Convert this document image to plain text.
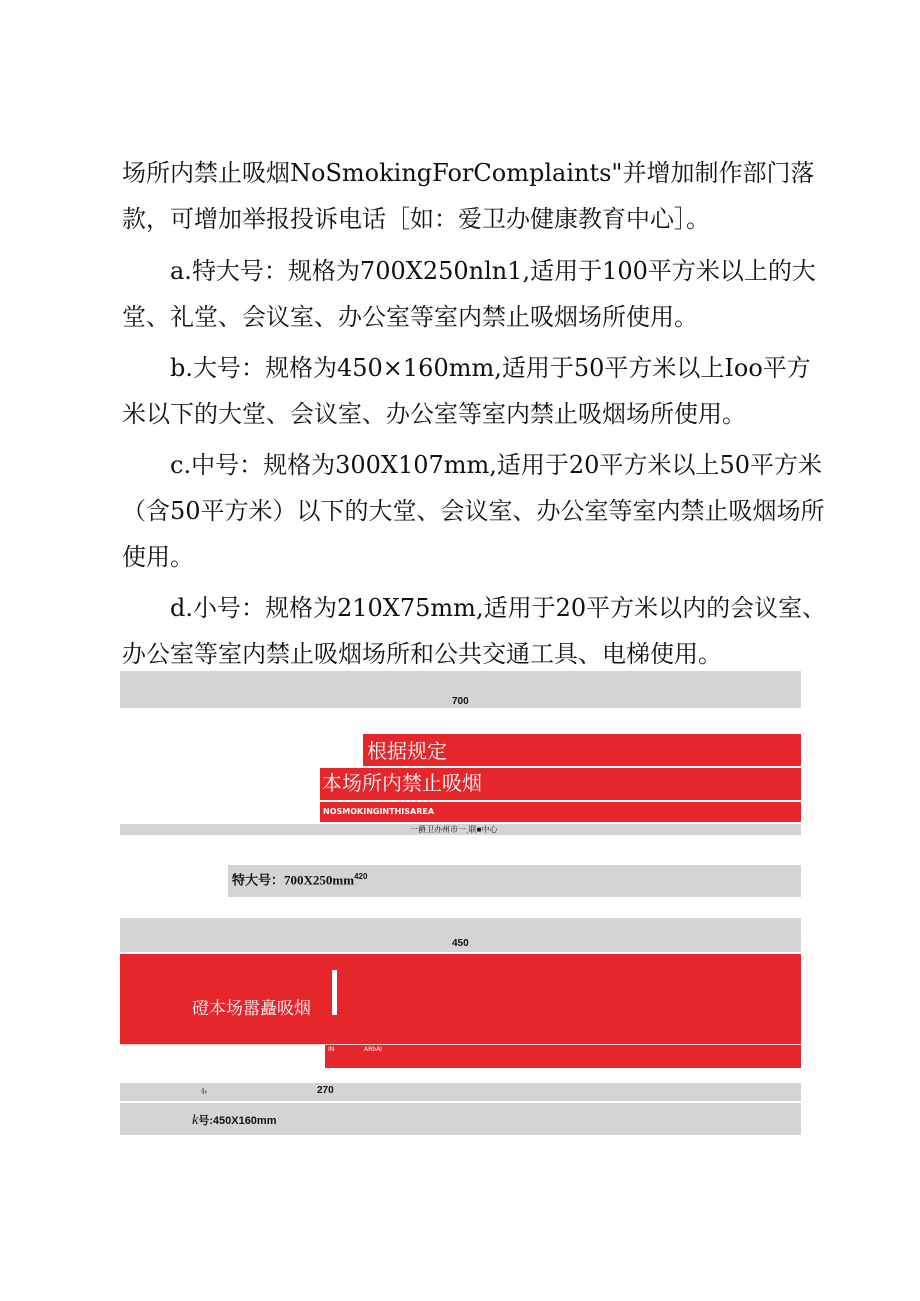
场所内禁止吸烟NoSmokingForComplaints"并增加制作部门落
款，可增加举报投诉电话［如：爱卫办健康教育中心］。
a.特大号：规格为700X250nln1,适用于100平方米以上的大
堂、礼堂、会议室、办公室等室内禁止吸烟场所使用。
b.大号：规格为450×160mm,适用于50平方米以上Ioo平方
米以下的大堂、会议室、办公室等室内禁止吸烟场所使用。
c.中号：规格为300X107mm,适用于20平方米以上50平方米
（含50平方米）以下的大堂、会议室、办公室等室内禁止吸烟场所
使用。
d.小号：规格为210X75mm,适用于20平方米以内的会议室、
办公室等室内禁止吸烟场所和公共交通工具、电梯使用。
700
根据规定
本场所内禁止吸烟
NOSMOKINGINTHISAREA
一爵卫办州市一ˎ联■中心
特大号：$700X250mm^{420}$
450
磴本场嚣矗吸烟
IN	ARbAI
ᐧI›	270
k号:450X160mm
